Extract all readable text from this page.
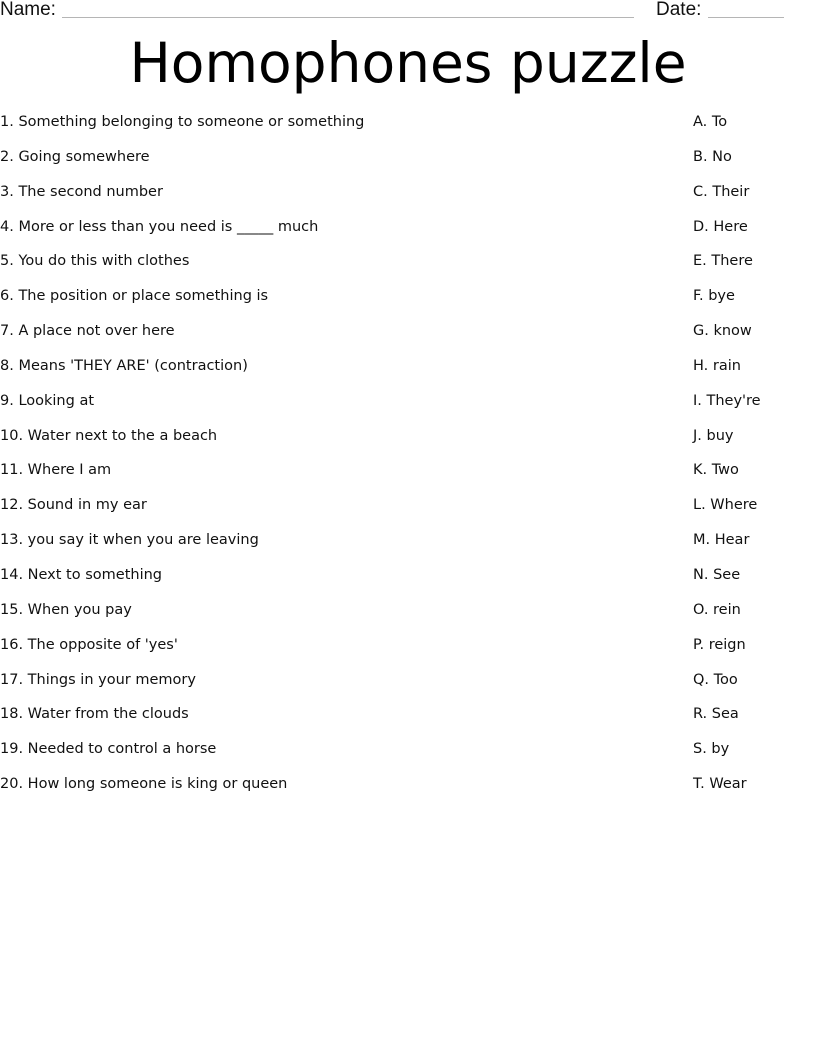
Name:	Date:
Homophones puzzle
1. Something belonging to someone or something
2. Going somewhere
3. The second number
4. More or less than you need is _____ much
5. You do this with clothes
6. The position or place something is
7. A place not over here
8. Means 'THEY ARE' (contraction)
9. Looking at
10. Water next to the a beach
11. Where I am
12. Sound in my ear
13. you say it when you are leaving
14. Next to something
15. When you pay
16. The opposite of 'yes'
17. Things in your memory
18. Water from the clouds
19. Needed to control a horse
20. How long someone is king or queen
A. To
B. No
C. Their
D. Here
E. There
F. bye
G. know
H. rain
I. They're
J. buy
K. Two
L. Where
M. Hear
N. See
O. rein
P. reign
Q. Too
R. Sea
S. by
T. Wear
